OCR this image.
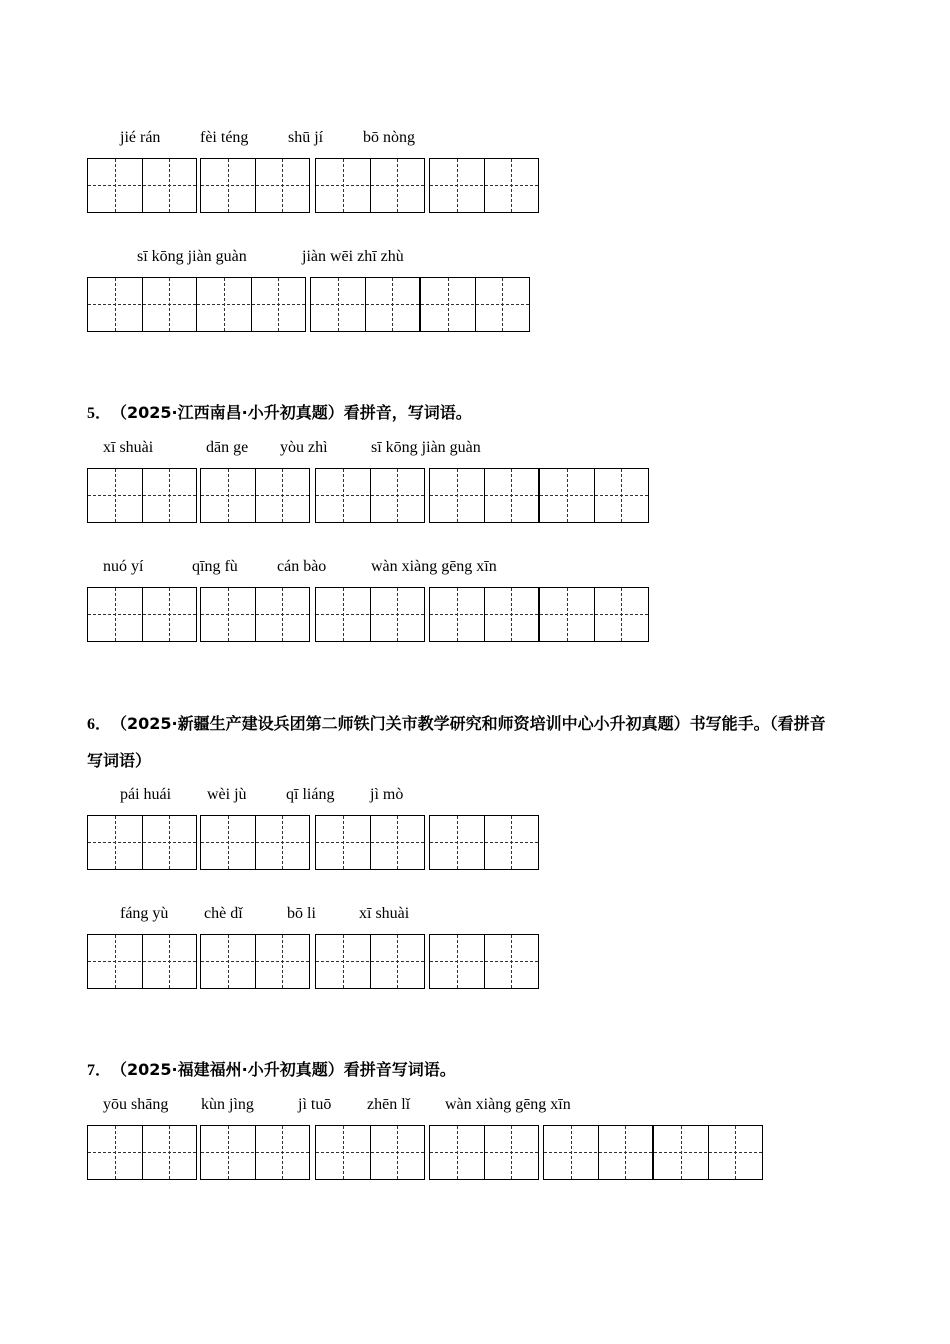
jié rán fèi téng shū jí bō nòng
sī kōng jiàn guàn	jiàn wēi zhī zhù
5． （2025·江西南昌·小升初真题）看拼音，写词语。
xī shuài	dān ge yòu zhì	sī kōng jiàn guàn
nuó yí	qīng fù cán bào	wàn xiàng gēng xīn
6． （2025·新疆生产建设兵团第二师铁门关市教学研究和师资培训中心小升初真题）书写能手。（看拼音
写词语）
pái huái wèi jù qī liáng jì mò
fáng yù chè dǐ	bō li	xī shuài
7． （2025·福建福州·小升初真题）看拼音写词语。
yōu shāng kùn jìng	jì tuō zhēn lǐ wàn xiàng gēng xīn
